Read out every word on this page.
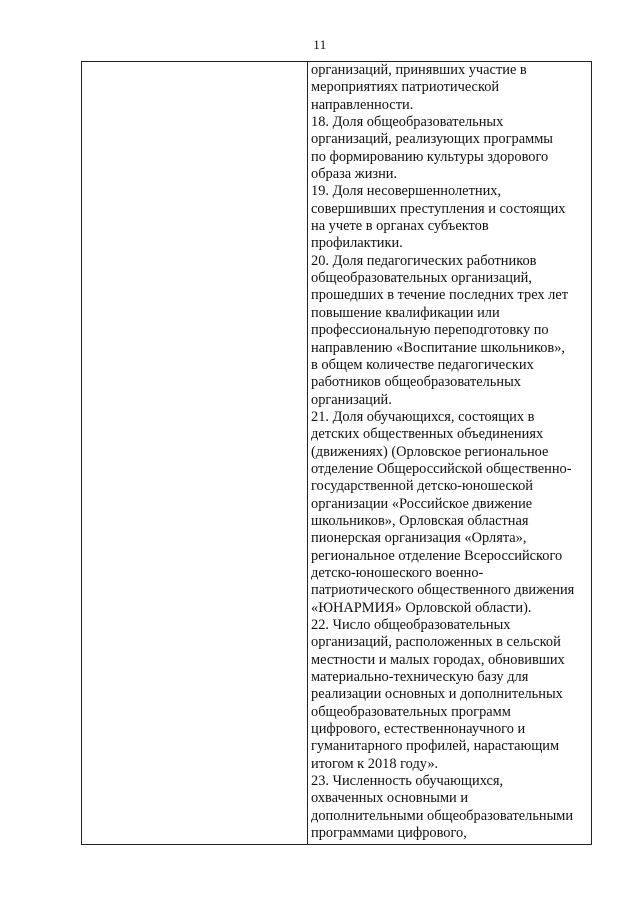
11
организаций, принявших участие в
мероприятиях патриотической
направленности.
18. Доля общеобразовательных
организаций, реализующих программы
по формированию культуры здорового
образа жизни.
19. Доля несовершеннолетних,
совершивших преступления и состоящих
на учете в органах субъектов
профилактики.
20. Доля педагогических работников
общеобразовательных организаций,
прошедших в течение последних трех лет
повышение квалификации или
профессиональную переподготовку по
направлению «Воспитание школьников»,
в общем количестве педагогических
работников общеобразовательных
организаций.
21. Доля обучающихся, состоящих в
детских общественных объединениях
(движениях) (Орловское региональное
отделение Общероссийской общественно-
государственной детско-юношеской
организации «Российское движение
школьников», Орловская областная
пионерская организация «Орлята»,
региональное отделение Всероссийского
детско-юношеского военно-
патриотического общественного движения
«ЮНАРМИЯ» Орловской области).
22. Число общеобразовательных
организаций, расположенных в сельской
местности и малых городах, обновивших
материально-техническую базу для
реализации основных и дополнительных
общеобразовательных программ
цифрового, естественнонаучного и
гуманитарного профилей, нарастающим
итогом к 2018 году».
23. Численность обучающихся,
охваченных основными и
дополнительными общеобразовательными
программами цифрового,
